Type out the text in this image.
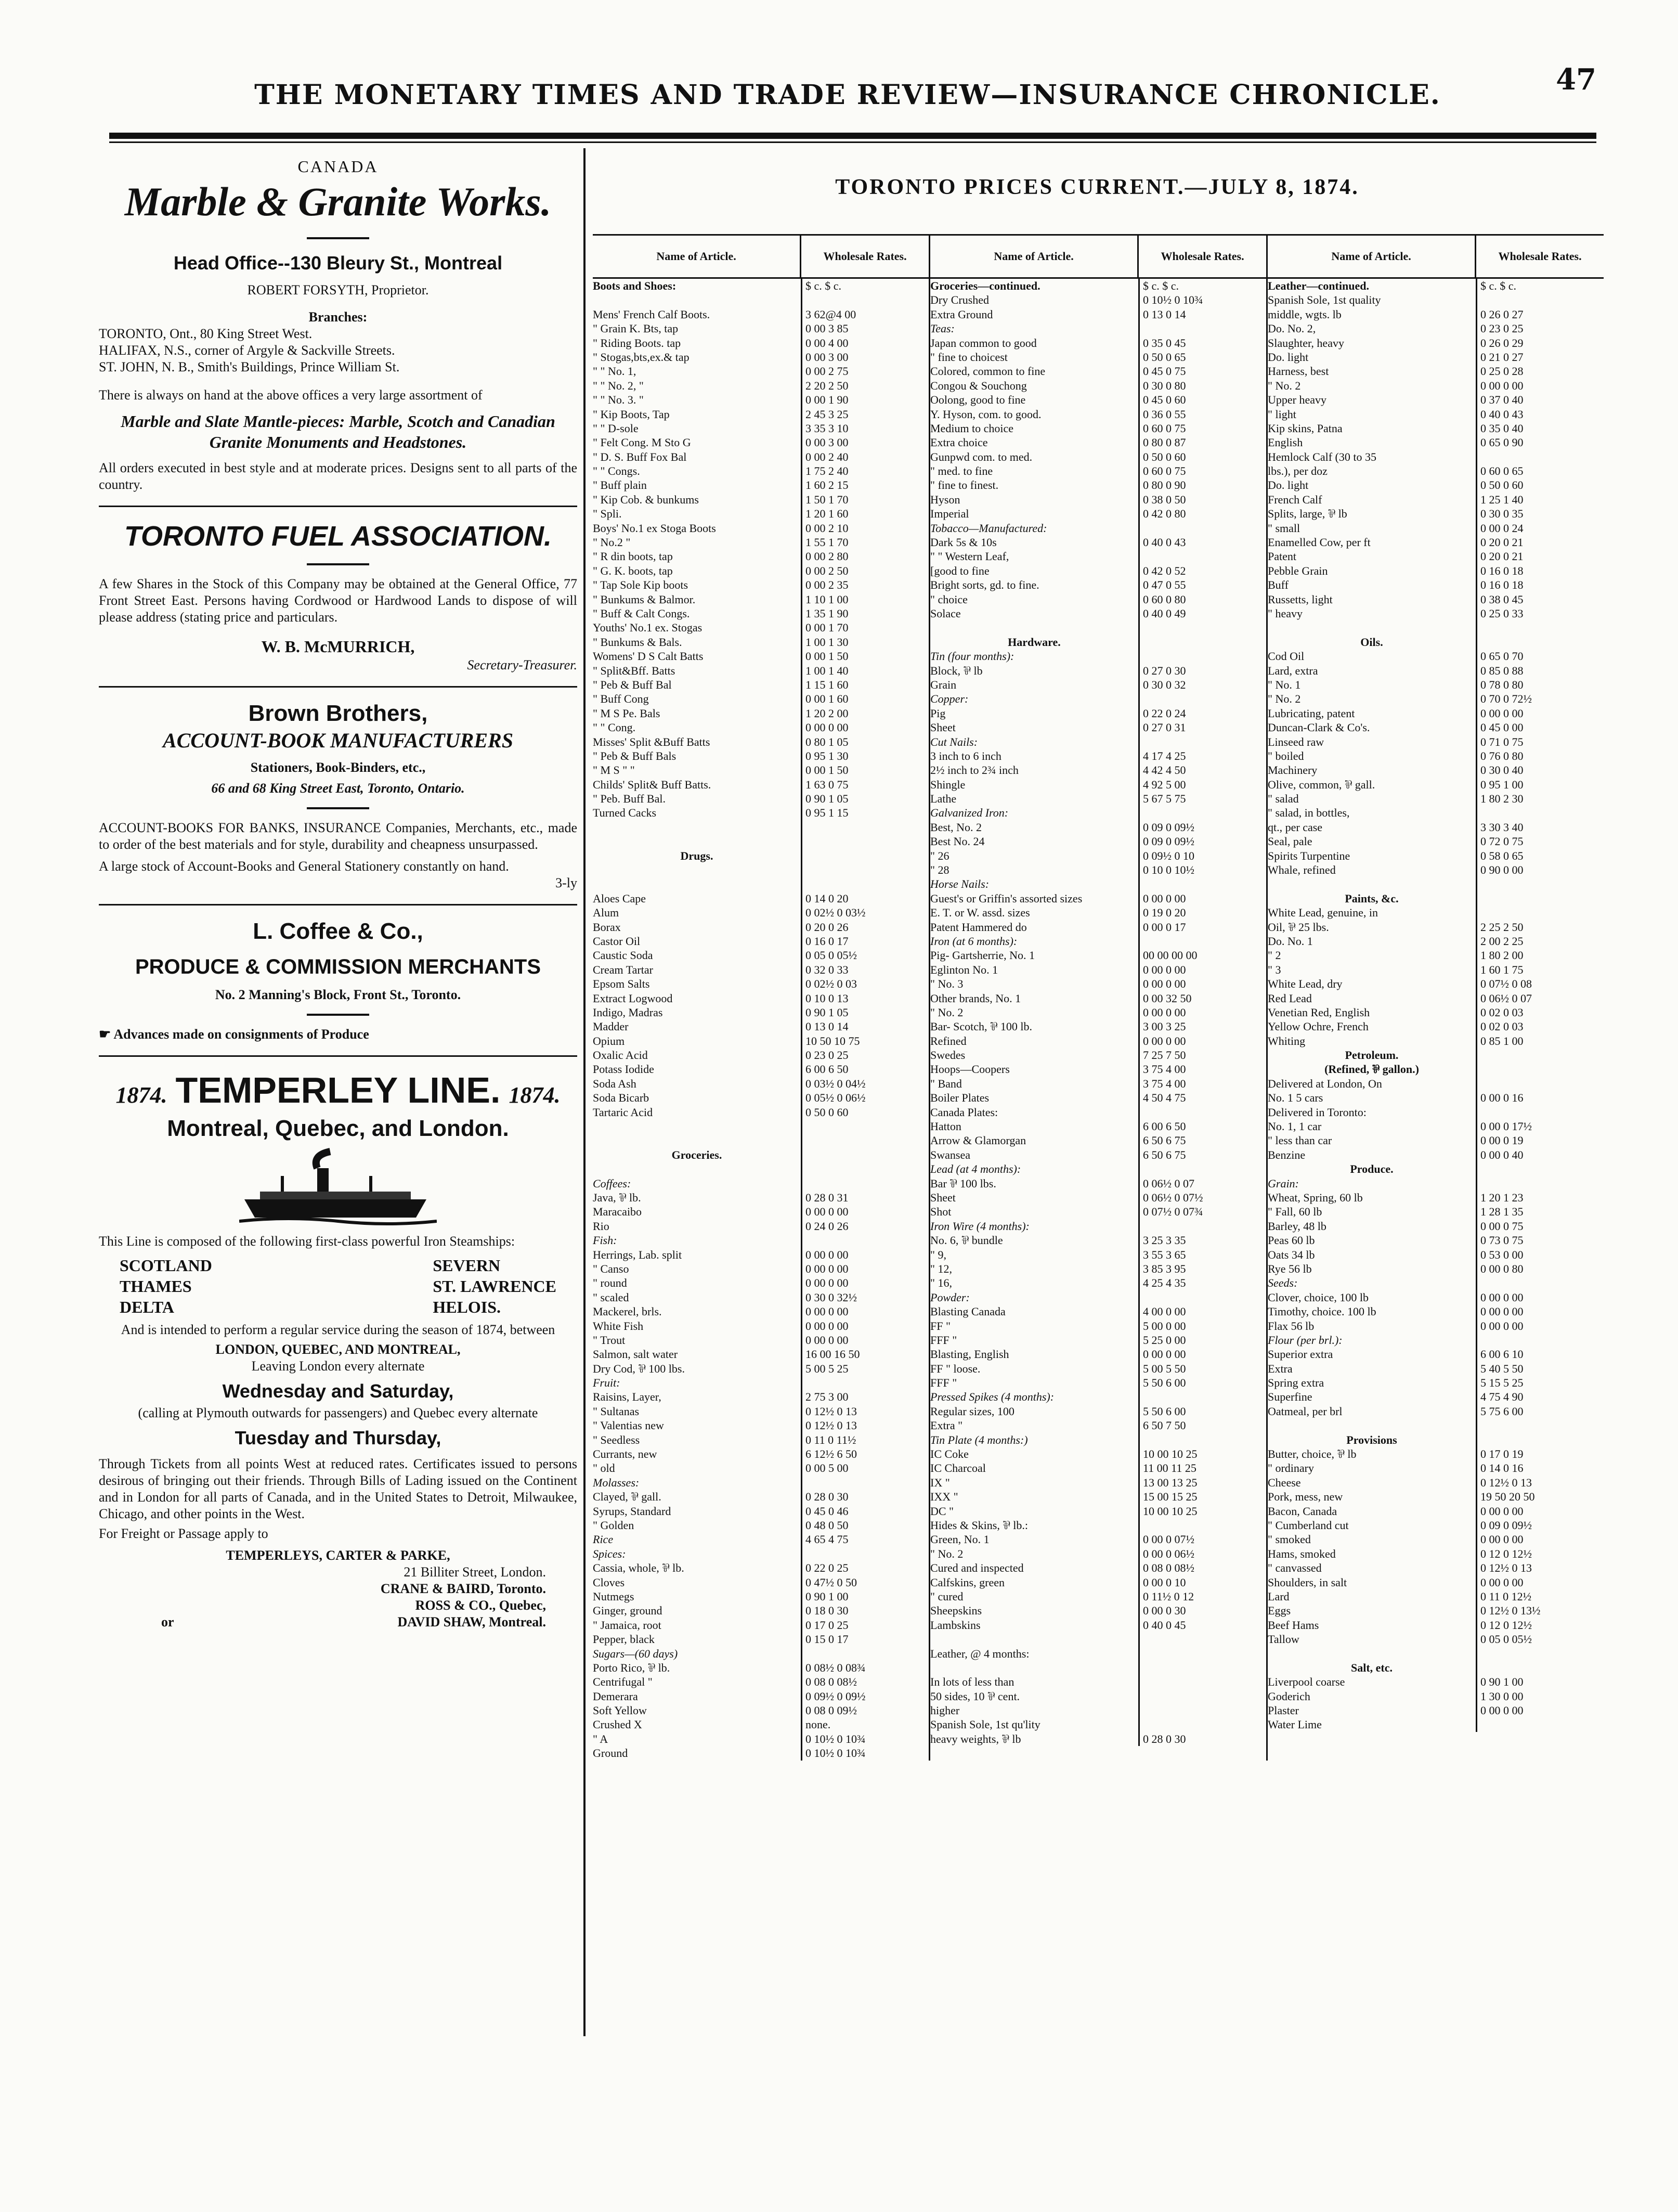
THE MONETARY TIMES AND TRADE REVIEW—INSURANCE CHRONICLE.	47
CANADA
Marble & Granite Works.
Head Office--130 Bleury St., Montreal
ROBERT FORSYTH, Proprietor.
Branches:
TORONTO, Ont., 80 King Street West.
HALIFAX, N.S., corner of Argyle & Sackville Streets.
ST. JOHN, N. B., Smith's Buildings, Prince William St.
There is always on hand at the above offices a very large assortment of
Marble and Slate Mantle-pieces: Marble, Scotch and Canadian Granite Monuments and Headstones.
All orders executed in best style and at moderate prices. Designs sent to all parts of the country.
TORONTO FUEL ASSOCIATION.
A few Shares in the Stock of this Company may be obtained at the General Office, 77 Front Street East. Persons having Cordwood or Hardwood Lands to dispose of will please address (stating price and particulars.
W. B. McMURRICH,
Secretary-Treasurer.
Brown Brothers,
ACCOUNT-BOOK MANUFACTURERS
Stationers, Book-Binders, etc.,
66 and 68 King Street East, Toronto, Ontario.
ACCOUNT-BOOKS FOR BANKS, INSURANCE Companies, Merchants, etc., made to order of the best materials and for style, durability and cheapness unsurpassed.
A large stock of Account-Books and General Stationery constantly on hand.
3-ly
L. Coffee & Co.,
PRODUCE & COMMISSION MERCHANTS
No. 2 Manning's Block, Front St., Toronto.
☛ Advances made on consignments of Produce
1874. TEMPERLEY LINE. 1874.
Montreal, Quebec, and London.
This Line is composed of the following first-class powerful Iron Steamships:
SCOTLAND
THAMES
DELTA
SEVERN
ST. LAWRENCE
HELOIS.
And is intended to perform a regular service during the season of 1874, between
LONDON, QUEBEC, AND MONTREAL,
Leaving London every alternate
Wednesday and Saturday,
(calling at Plymouth outwards for passengers) and Quebec every alternate
Tuesday and Thursday,
Through Tickets from all points West at reduced rates. Certificates issued to persons desirous of bringing out their friends. Through Bills of Lading issued on the Continent and in London for all parts of Canada, and in the United States to Detroit, Milwaukee, Chicago, and other points in the West.
For Freight or Passage apply to
TEMPERLEYS, CARTER & PARKE,
21 Billiter Street, London.
CRANE & BAIRD, Toronto.
ROSS & CO., Quebec,
or	DAVID SHAW, Montreal.
TORONTO PRICES CURRENT.—JULY 8, 1874.
Name of Article.	Wholesale Rates.
Boots and Shoes:	$ c. $ c.
Mens' French Calf Boots.	3 62@4 00
" Grain K. Bts, tap	0 00 3 85
" Riding Boots. tap	0 00 4 00
" Stogas,bts,ex.& tap	0 00 3 00
" " No. 1,	0 00 2 75
" " No. 2, "	2 20 2 50
" " No. 3. "	0 00 1 90
" Kip Boots, Tap	2 45 3 25
" " D-sole	3 35 3 10
" Felt Cong. M Sto G	0 00 3 00
" D. S. Buff Fox Bal	0 00 2 40
" " Congs.	1 75 2 40
" Buff plain	1 60 2 15
" Kip Cob. & bunkums	1 50 1 70
" Spli.	1 20 1 60
Boys' No.1 ex Stoga Boots	0 00 2 10
" No.2 "	1 55 1 70
" R din boots, tap	0 00 2 80
" G. K. boots, tap	0 00 2 50
" Tap Sole Kip boots	0 00 2 35
" Bunkums & Balmor.	1 10 1 00
" Buff & Calt Congs.	1 35 1 90
Youths' No.1 ex. Stogas	0 00 1 70
" Bunkums & Bals.	1 00 1 30
Womens' D S Calt Batts	0 00 1 50
" Split&Bff. Batts	1 00 1 40
" Peb & Buff Bal	1 15 1 60
" Buff Cong	0 00 1 60
" M S Pe. Bals	1 20 2 00
" " Cong.	0 00 0 00
Misses' Split &Buff Batts	0 80 1 05
" Peb & Buff Bals	0 95 1 30
" M S " "	0 00 1 50
Childs' Split& Buff Batts.	1 63 0 75
" Peb. Buff Bal.	0 90 1 05
Turned Cacks	0 95 1 15
Drugs.
Aloes Cape	0 14 0 20
Alum	0 02½ 0 03½
Borax	0 20 0 26
Castor Oil	0 16 0 17
Caustic Soda	0 05 0 05½
Cream Tartar	0 32 0 33
Epsom Salts	0 02½ 0 03
Extract Logwood	0 10 0 13
Indigo, Madras	0 90 1 05
Madder	0 13 0 14
Opium	10 50 10 75
Oxalic Acid	0 23 0 25
Potass Iodide	6 00 6 50
Soda Ash	0 03½ 0 04½
Soda Bicarb	0 05½ 0 06½
Tartaric Acid	0 50 0 60
Groceries.
Coffees:
Java, ⅌ lb.	0 28 0 31
Maracaibo	0 00 0 00
Rio	0 24 0 26
Fish:
Herrings, Lab. split	0 00 0 00
" Canso	0 00 0 00
" round	0 00 0 00
" scaled	0 30 0 32½
Mackerel, brls.	0 00 0 00
White Fish	0 00 0 00
" Trout	0 00 0 00
Salmon, salt water	16 00 16 50
Dry Cod, ⅌ 100 lbs.	5 00 5 25
Fruit:
Raisins, Layer,	2 75 3 00
" Sultanas	0 12½ 0 13
" Valentias new	0 12½ 0 13
" Seedless	0 11 0 11½
Currants, new	6 12½ 6 50
" old	0 00 5 00
Molasses:
Clayed, ⅌ gall.	0 28 0 30
Syrups, Standard	0 45 0 46
" Golden	0 48 0 50
Rice	4 65 4 75
Spices:
Cassia, whole, ⅌ lb.	0 22 0 25
Cloves	0 47½ 0 50
Nutmegs	0 90 1 00
Ginger, ground	0 18 0 30
" Jamaica, root	0 17 0 25
Pepper, black	0 15 0 17
Sugars—(60 days)
Porto Rico, ⅌ lb.	0 08½ 0 08¾
Centrifugal "	0 08 0 08½
Demerara	0 09½ 0 09½
Soft Yellow	0 08 0 09½
Crushed X	none.
" A	0 10½ 0 10¾
Ground	0 10½ 0 10¾
Name of Article.	Wholesale Rates.
Groceries—continued.	$ c. $ c.
Dry Crushed	0 10½ 0 10¾
Extra Ground	0 13 0 14
Teas:
Japan common to good	0 35 0 45
" fine to choicest	0 50 0 65
Colored, common to fine	0 45 0 75
Congou & Souchong	0 30 0 80
Oolong, good to fine	0 45 0 60
Y. Hyson, com. to good.	0 36 0 55
Medium to choice	0 60 0 75
Extra choice	0 80 0 87
Gunpwd com. to med.	0 50 0 60
" med. to fine	0 60 0 75
" fine to finest.	0 80 0 90
Hyson	0 38 0 50
Imperial	0 42 0 80
Tobacco—Manufactured:
Dark 5s & 10s	0 40 0 43
" " Western Leaf,
[good to fine	0 42 0 52
Bright sorts, gd. to fine.	0 47 0 55
" choice	0 60 0 80
Solace	0 40 0 49
Hardware.
Tin (four months):
Block, ⅌ lb	0 27 0 30
Grain	0 30 0 32
Copper:
Pig	0 22 0 24
Sheet	0 27 0 31
Cut Nails:
3 inch to 6 inch	4 17 4 25
2½ inch to 2¾ inch	4 42 4 50
Shingle	4 92 5 00
Lathe	5 67 5 75
Galvanized Iron:
Best, No. 2	0 09 0 09½
Best No. 24	0 09 0 09½
" 26	0 09½ 0 10
" 28	0 10 0 10½
Horse Nails:
Guest's or Griffin's assorted sizes	0 00 0 00
E. T. or W. assd. sizes	0 19 0 20
Patent Hammered do	0 00 0 17
Iron (at 6 months):
Pig- Gartsherrie, No. 1	00 00 00 00
Eglinton No. 1	0 00 0 00
" No. 3	0 00 0 00
Other brands, No. 1	0 00 32 50
" No. 2	0 00 0 00
Bar- Scotch, ⅌ 100 lb.	3 00 3 25
Refined	0 00 0 00
Swedes	7 25 7 50
Hoops—Coopers	3 75 4 00
" Band	3 75 4 00
Boiler Plates	4 50 4 75
Canada Plates:
Hatton	6 00 6 50
Arrow & Glamorgan	6 50 6 75
Swansea	6 50 6 75
Lead (at 4 months):
Bar ⅌ 100 lbs.	0 06½ 0 07
Sheet	0 06½ 0 07½
Shot	0 07½ 0 07¾
Iron Wire (4 months):
No. 6, ⅌ bundle	3 25 3 35
" 9,	3 55 3 65
" 12,	3 85 3 95
" 16,	4 25 4 35
Powder:
Blasting Canada	4 00 0 00
FF "	5 00 0 00
FFF "	5 25 0 00
Blasting, English	0 00 0 00
FF " loose.	5 00 5 50
FFF "	5 50 6 00
Pressed Spikes (4 months):
Regular sizes, 100	5 50 6 00
Extra "	6 50 7 50
Tin Plate (4 months:)
IC Coke	10 00 10 25
IC Charcoal	11 00 11 25
IX "	13 00 13 25
IXX "	15 00 15 25
DC "	10 00 10 25
Hides & Skins, ⅌ lb.:
Green, No. 1	0 00 0 07½
" No. 2	0 00 0 06½
Cured and inspected	0 08 0 08½
Calfskins, green	0 00 0 10
" cured	0 11½ 0 12
Sheepskins	0 00 0 30
Lambskins	0 40 0 45
Leather, @ 4 months:
In lots of less than
50 sides, 10 ⅌ cent.
higher
Spanish Sole, 1st qu'lity
heavy weights, ⅌ lb	0 28 0 30
Name of Article.	Wholesale Rates.
Leather—continued.	$ c. $ c.
Spanish Sole, 1st quality
middle, wgts. lb	0 26 0 27
Do. No. 2,	0 23 0 25
Slaughter, heavy	0 26 0 29
Do. light	0 21 0 27
Harness, best	0 25 0 28
" No. 2	0 00 0 00
Upper heavy	0 37 0 40
" light	0 40 0 43
Kip skins, Patna	0 35 0 40
English	0 65 0 90
Hemlock Calf (30 to 35
lbs.), per doz	0 60 0 65
Do. light	0 50 0 60
French Calf	1 25 1 40
Splits, large, ⅌ lb	0 30 0 35
" small	0 00 0 24
Enamelled Cow, per ft	0 20 0 21
Patent	0 20 0 21
Pebble Grain	0 16 0 18
Buff	0 16 0 18
Russetts, light	0 38 0 45
" heavy	0 25 0 33
Oils.
Cod Oil	0 65 0 70
Lard, extra	0 85 0 88
" No. 1	0 78 0 80
" No. 2	0 70 0 72½
Lubricating, patent	0 00 0 00
Duncan-Clark & Co's.	0 45 0 00
Linseed raw	0 71 0 75
" boiled	0 76 0 80
Machinery	0 30 0 40
Olive, common, ⅌ gall.	0 95 1 00
" salad	1 80 2 30
" salad, in bottles,
qt., per case	3 30 3 40
Seal, pale	0 72 0 75
Spirits Turpentine	0 58 0 65
Whale, refined	0 90 0 00
Paints, &c.
White Lead, genuine, in
Oil, ⅌ 25 lbs.	2 25 2 50
Do. No. 1	2 00 2 25
" 2	1 80 2 00
" 3	1 60 1 75
White Lead, dry	0 07½ 0 08
Red Lead	0 06½ 0 07
Venetian Red, English	0 02 0 03
Yellow Ochre, French	0 02 0 03
Whiting	0 85 1 00
Petroleum.
(Refined, ⅌ gallon.)
Delivered at London, On
No. 1 5 cars	0 00 0 16
Delivered in Toronto:
No. 1, 1 car	0 00 0 17½
" less than car	0 00 0 19
Benzine	0 00 0 40
Produce.
Grain:
Wheat, Spring, 60 lb	1 20 1 23
" Fall, 60 lb	1 28 1 35
Barley, 48 lb	0 00 0 75
Peas 60 lb	0 73 0 75
Oats 34 lb	0 53 0 00
Rye 56 lb	0 00 0 80
Seeds:
Clover, choice, 100 lb	0 00 0 00
Timothy, choice. 100 lb	0 00 0 00
Flax 56 lb	0 00 0 00
Flour (per brl.):
Superior extra	6 00 6 10
Extra	5 40 5 50
Spring extra	5 15 5 25
Superfine	4 75 4 90
Oatmeal, per brl	5 75 6 00
Provisions
Butter, choice, ⅌ lb	0 17 0 19
" ordinary	0 14 0 16
Cheese	0 12½ 0 13
Pork, mess, new	19 50 20 50
Bacon, Canada	0 00 0 00
" Cumberland cut	0 09 0 09½
" smoked	0 00 0 00
Hams, smoked	0 12 0 12½
" canvassed	0 12½ 0 13
Shoulders, in salt	0 00 0 00
Lard	0 11 0 12½
Eggs	0 12½ 0 13½
Beef Hams	0 12 0 12½
Tallow	0 05 0 05½
Salt, etc.
Liverpool coarse	0 90 1 00
Goderich	1 30 0 00
Plaster	0 00 0 00
Water Lime
